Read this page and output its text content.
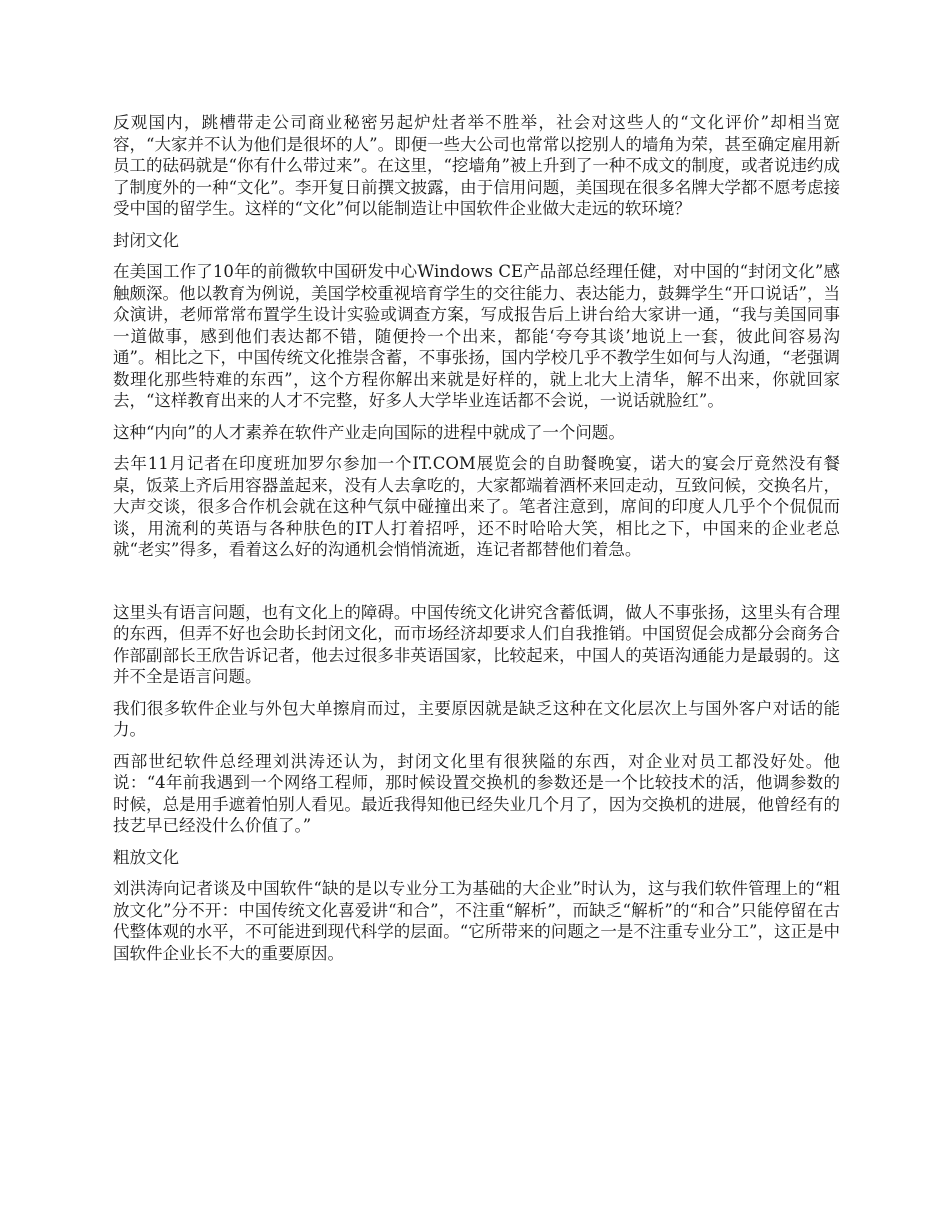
反观国内，跳槽带走公司商业秘密另起炉灶者举不胜举，社会对这些人的“文化评价”却相当宽容，“大家并不认为他们是很坏的人”。即便一些大公司也常常以挖别人的墙角为荣，甚至确定雇用新员工的砝码就是“你有什么带过来”。在这里，“挖墙角”被上升到了一种不成文的制度，或者说违约成了制度外的一种“文化”。李开复日前撰文披露，由于信用问题，美国现在很多名牌大学都不愿考虑接受中国的留学生。这样的“文化”何以能制造让中国软件企业做大走远的软环境？

封闭文化

在美国工作了10年的前微软中国研发中心Windows CE产品部总经理任健，对中国的“封闭文化”感触颇深。他以教育为例说，美国学校重视培育学生的交往能力、表达能力，鼓舞学生“开口说话”，当众演讲，老师常常布置学生设计实验或调查方案，写成报告后上讲台给大家讲一通，“我与美国同事一道做事，感到他们表达都不错，随便拎一个出来，都能‘夸夸其谈’地说上一套，彼此间容易沟通”。相比之下，中国传统文化推崇含蓄，不事张扬，国内学校几乎不教学生如何与人沟通，“老强调数理化那些特难的东西”，这个方程你解出来就是好样的，就上北大上清华，解不出来，你就回家去，“这样教育出来的人才不完整，好多人大学毕业连话都不会说，一说话就脸红”。

这种“内向”的人才素养在软件产业走向国际的进程中就成了一个问题。

去年11月记者在印度班加罗尔参加一个IT.COM展览会的自助餐晚宴，诺大的宴会厅竟然没有餐桌，饭菜上齐后用容器盖起来，没有人去拿吃的，大家都端着酒杯来回走动，互致问候，交换名片，大声交谈，很多合作机会就在这种气氛中碰撞出来了。笔者注意到，席间的印度人几乎个个侃侃而谈，用流利的英语与各种肤色的IT人打着招呼，还不时哈哈大笑，相比之下，中国来的企业老总就“老实”得多，看着这么好的沟通机会悄悄流逝，连记者都替他们着急。

这里头有语言问题，也有文化上的障碍。中国传统文化讲究含蓄低调，做人不事张扬，这里头有合理的东西，但弄不好也会助长封闭文化，而市场经济却要求人们自我推销。中国贸促会成都分会商务合作部副部长王欣告诉记者，他去过很多非英语国家，比较起来，中国人的英语沟通能力是最弱的。这并不全是语言问题。

我们很多软件企业与外包大单擦肩而过，主要原因就是缺乏这种在文化层次上与国外客户对话的能力。

西部世纪软件总经理刘洪涛还认为，封闭文化里有很狭隘的东西，对企业对员工都没好处。他说：“4年前我遇到一个网络工程师，那时候设置交换机的参数还是一个比较技术的活，他调参数的时候，总是用手遮着怕别人看见。最近我得知他已经失业几个月了，因为交换机的进展，他曾经有的技艺早已经没什么价值了。”

粗放文化

刘洪涛向记者谈及中国软件“缺的是以专业分工为基础的大企业”时认为，这与我们软件管理上的“粗放文化”分不开：中国传统文化喜爱讲“和合”，不注重“解析”，而缺乏“解析”的“和合”只能停留在古代整体观的水平，不可能进到现代科学的层面。“它所带来的问题之一是不注重专业分工”，这正是中国软件企业长不大的重要原因。
